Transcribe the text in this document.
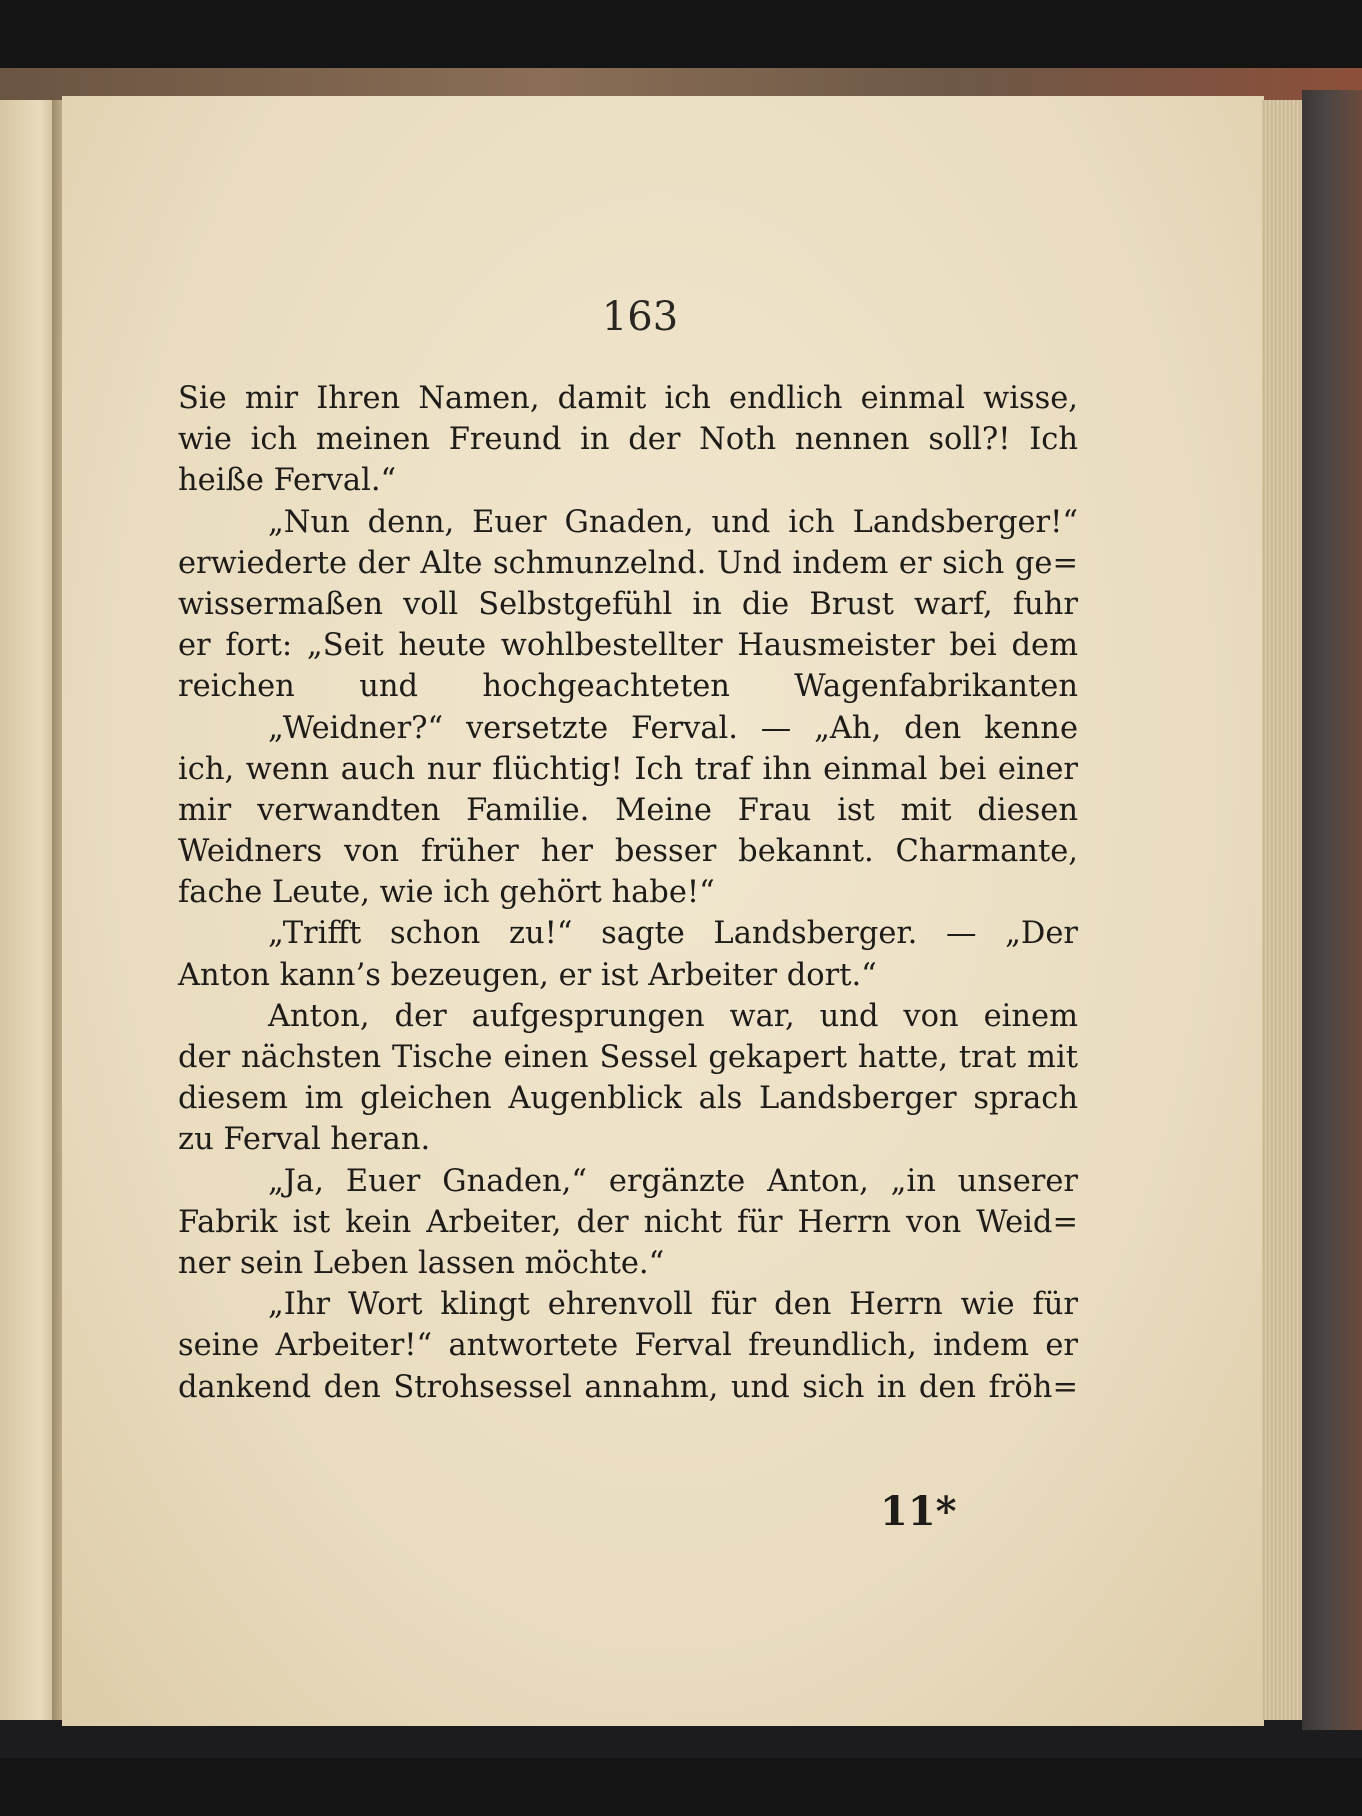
163
Sie mir Ihren Namen, damit ich endlich einmal wisse,
wie ich meinen Freund in der Noth nennen soll?! Ich
heiße Ferval.“
„Nun denn, Euer Gnaden, und ich Landsberger!“
erwiederte der Alte schmunzelnd. Und indem er sich ge=
wissermaßen voll Selbstgefühl in die Brust warf, fuhr
er fort: „Seit heute wohlbestellter Hausmeister bei dem
reichen und hochgeachteten Wagenfabrikanten
„Weidner?“ versetzte Ferval. — „Ah, den kenne
ich, wenn auch nur flüchtig! Ich traf ihn einmal bei einer
mir verwandten Familie. Meine Frau ist mit diesen
Weidners von früher her besser bekannt. Charmante,
fache Leute, wie ich gehört habe!“
„Trifft schon zu!“ sagte Landsberger. — „Der
Anton kann’s bezeugen, er ist Arbeiter dort.“
Anton, der aufgesprungen war, und von einem
der nächsten Tische einen Sessel gekapert hatte, trat mit
diesem im gleichen Augenblick als Landsberger sprach
zu Ferval heran.
„Ja, Euer Gnaden,“ ergänzte Anton, „in unserer
Fabrik ist kein Arbeiter, der nicht für Herrn von Weid=
ner sein Leben lassen möchte.“
„Ihr Wort klingt ehrenvoll für den Herrn wie für
seine Arbeiter!“ antwortete Ferval freundlich, indem er
dankend den Strohsessel annahm, und sich in den fröh=
11*
